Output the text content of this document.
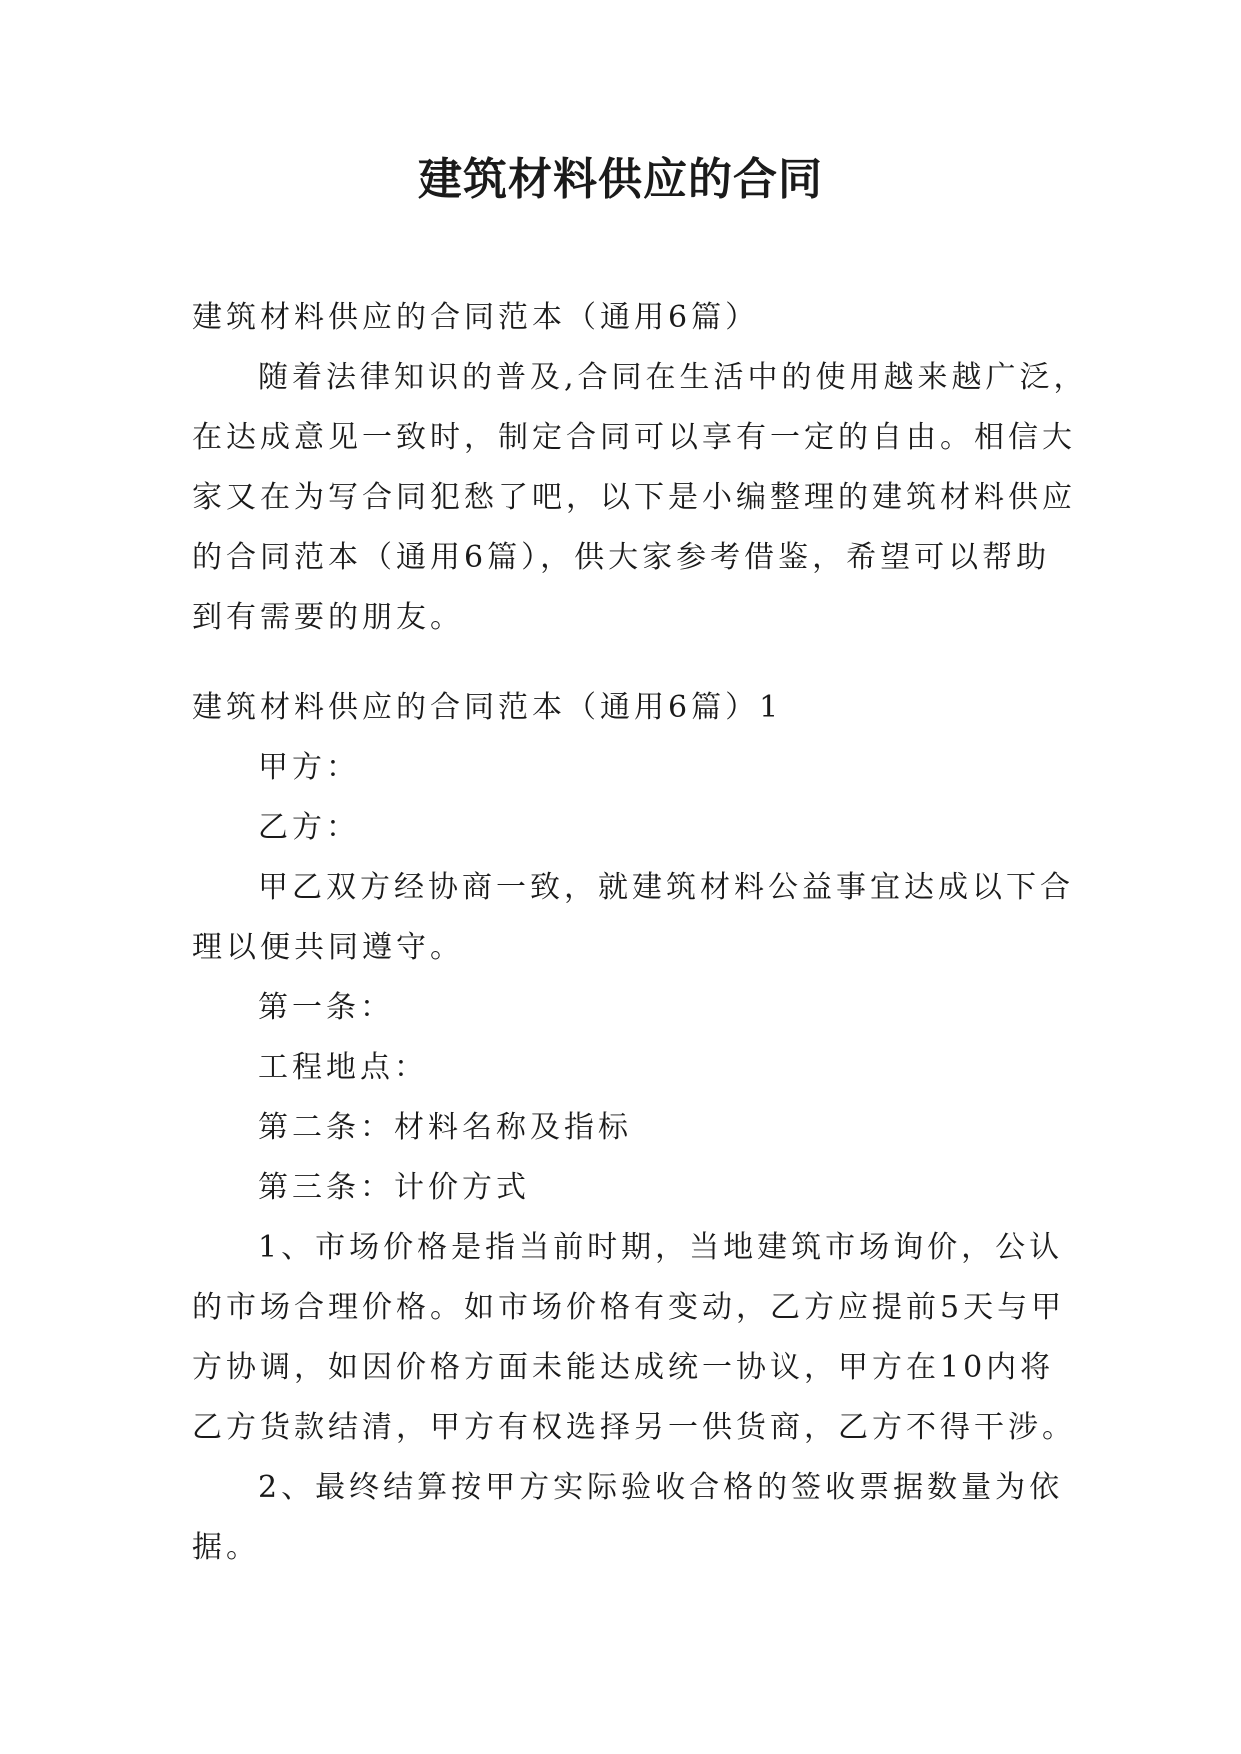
建筑材料供应的合同

建筑材料供应的合同范本（通用6篇）

随着法律知识的普及,合同在生活中的使用越来越广泛，

在达成意见一致时，制定合同可以享有一定的自由。相信大

家又在为写合同犯愁了吧，以下是小编整理的建筑材料供应

的合同范本（通用6篇），供大家参考借鉴，希望可以帮助

到有需要的朋友。

建筑材料供应的合同范本（通用6篇）1

甲方：

乙方：

甲乙双方经协商一致，就建筑材料公益事宜达成以下合

理以便共同遵守。

第一条：

工程地点：

第二条：材料名称及指标

第三条：计价方式

1、市场价格是指当前时期，当地建筑市场询价，公认

的市场合理价格。如市场价格有变动，乙方应提前5天与甲

方协调，如因价格方面未能达成统一协议，甲方在10内将

乙方货款结清，甲方有权选择另一供货商，乙方不得干涉。

2、最终结算按甲方实际验收合格的签收票据数量为依

据。
